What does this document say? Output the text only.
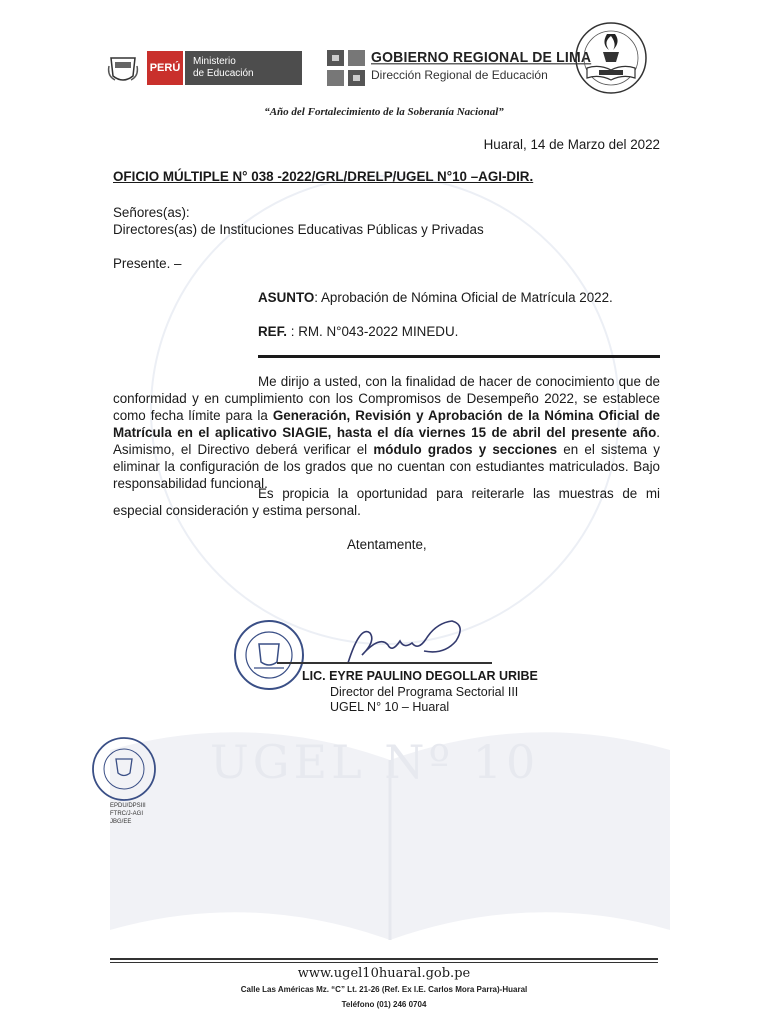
UGEL Nº 10
PERÚ
Ministerio
de Educación
GOBIERNO REGIONAL DE LIMA
Dirección Regional de Educación
“Año del Fortalecimiento de la Soberanía Nacional”
Huaral, 14 de Marzo del 2022
OFICIO MÚLTIPLE N° 038 -2022/GRL/DRELP/UGEL N°10 –AGI-DIR.
Señores(as):
Directores(as) de Instituciones Educativas Públicas y Privadas
Presente. –
ASUNTO: Aprobación de Nómina Oficial de Matrícula 2022.
REF. : RM. N°043-2022 MINEDU.
Me dirijo a usted, con la finalidad de hacer de conocimiento que de conformidad y en cumplimiento con los Compromisos de Desempeño 2022, se establece como fecha límite para la Generación, Revisión y Aprobación de la Nómina Oficial de Matrícula en el aplicativo SIAGIE, hasta el día viernes 15 de abril del presente año. Asimismo, el Directivo deberá verificar el módulo grados y secciones en el sistema y eliminar la configuración de los grados que no cuentan con estudiantes matriculados. Bajo responsabilidad funcional.
Es propicia la oportunidad para reiterarle las muestras de mi especial consideración y estima personal.
Atentamente,
LIC. EYRE PAULINO DEGOLLAR URIBE
Director del Programa Sectorial III
UGEL N° 10 – Huaral
EPDU/DPSIII
FTRC/J-AGI
JBG/EE
www.ugel10huaral.gob.pe
Calle Las Américas Mz. “C” Lt. 21-26 (Ref. Ex I.E. Carlos Mora Parra)-Huaral
Teléfono (01) 246 0704
